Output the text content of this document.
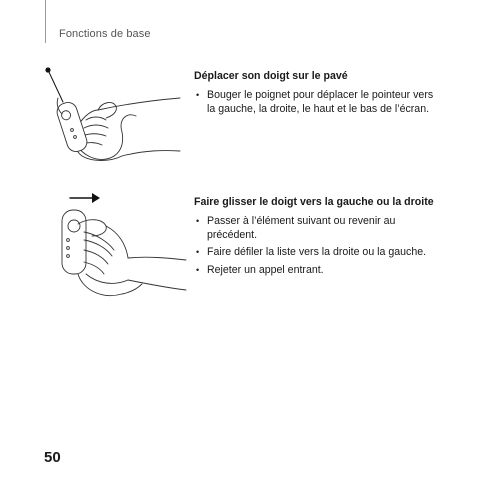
Fonctions de base

Déplacer son doigt sur le pavé

• Bouger le poignet pour déplacer le pointeur vers la gauche, la droite, le haut et le bas de l’écran.

Faire glisser le doigt vers la gauche ou la droite

• Passer à l’élément suivant ou revenir au précédent.
• Faire défiler la liste vers la droite ou la gauche.
• Rejeter un appel entrant.
50
